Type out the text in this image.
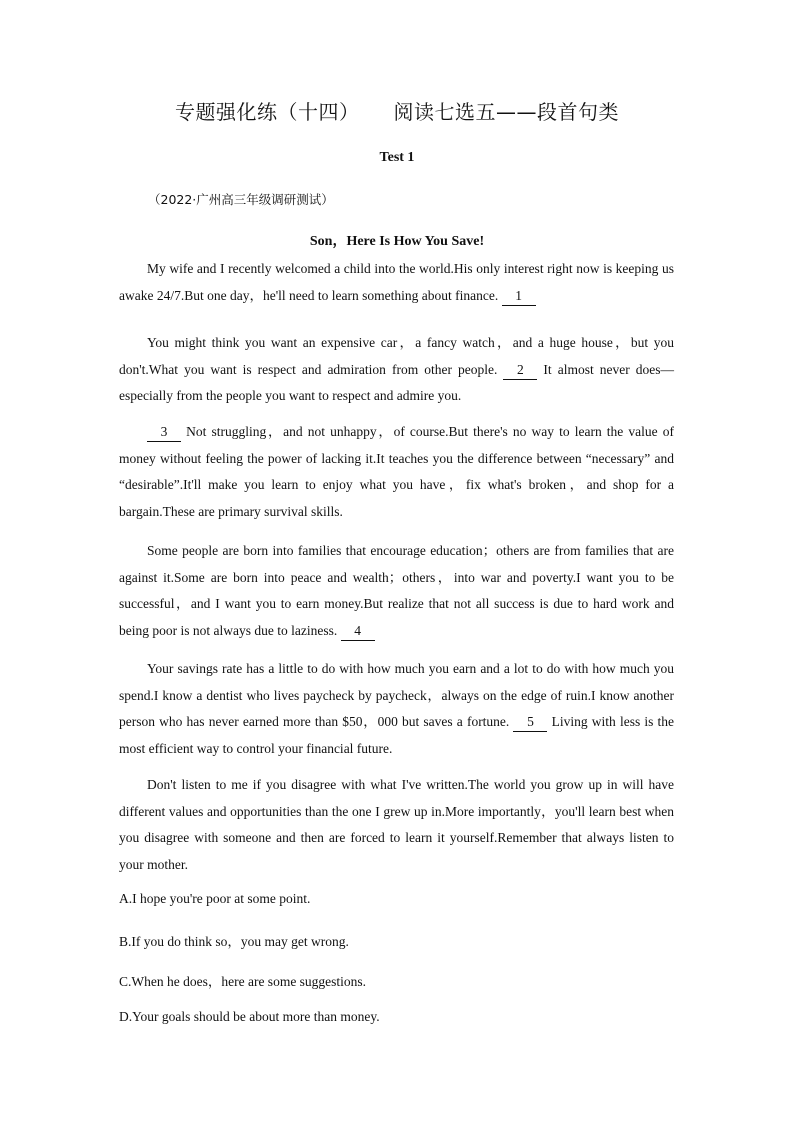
专题强化练（十四） 阅读七选五——段首句类
Test 1
（2022·广州高三年级调研测试）
Son，Here Is How You Save!

My wife and I recently welcomed a child into the world.His only interest right now is keeping us awake 24/7.But one day，he'll need to learn something about finance. 1

You might think you want an expensive car，a fancy watch，and a huge house，but you don't.What you want is respect and admiration from other people. 2 It almost never does—especially from the people you want to respect and admire you.

3 Not struggling，and not unhappy，of course.But there's no way to learn the value of money without feeling the power of lacking it.It teaches you the difference between “necessary” and “desirable”.It'll make you learn to enjoy what you have，fix what's broken，and shop for a bargain.These are primary survival skills.

Some people are born into families that encourage education；others are from families that are against it.Some are born into peace and wealth；others，into war and poverty.I want you to be successful，and I want you to earn money.But realize that not all success is due to hard work and being poor is not always due to laziness. 4

Your savings rate has a little to do with how much you earn and a lot to do with how much you spend.I know a dentist who lives paycheck by paycheck，always on the edge of ruin.I know another person who has never earned more than $50，000 but saves a fortune. 5 Living with less is the most efficient way to control your financial future.

Don't listen to me if you disagree with what I've written.The world you grow up in will have different values and opportunities than the one I grew up in.More importantly，you'll learn best when you disagree with someone and then are forced to learn it yourself.Remember that always listen to your mother.

A.I hope you're poor at some point.
B.If you do think so，you may get wrong.
C.When he does，here are some suggestions.
D.Your goals should be about more than money.
